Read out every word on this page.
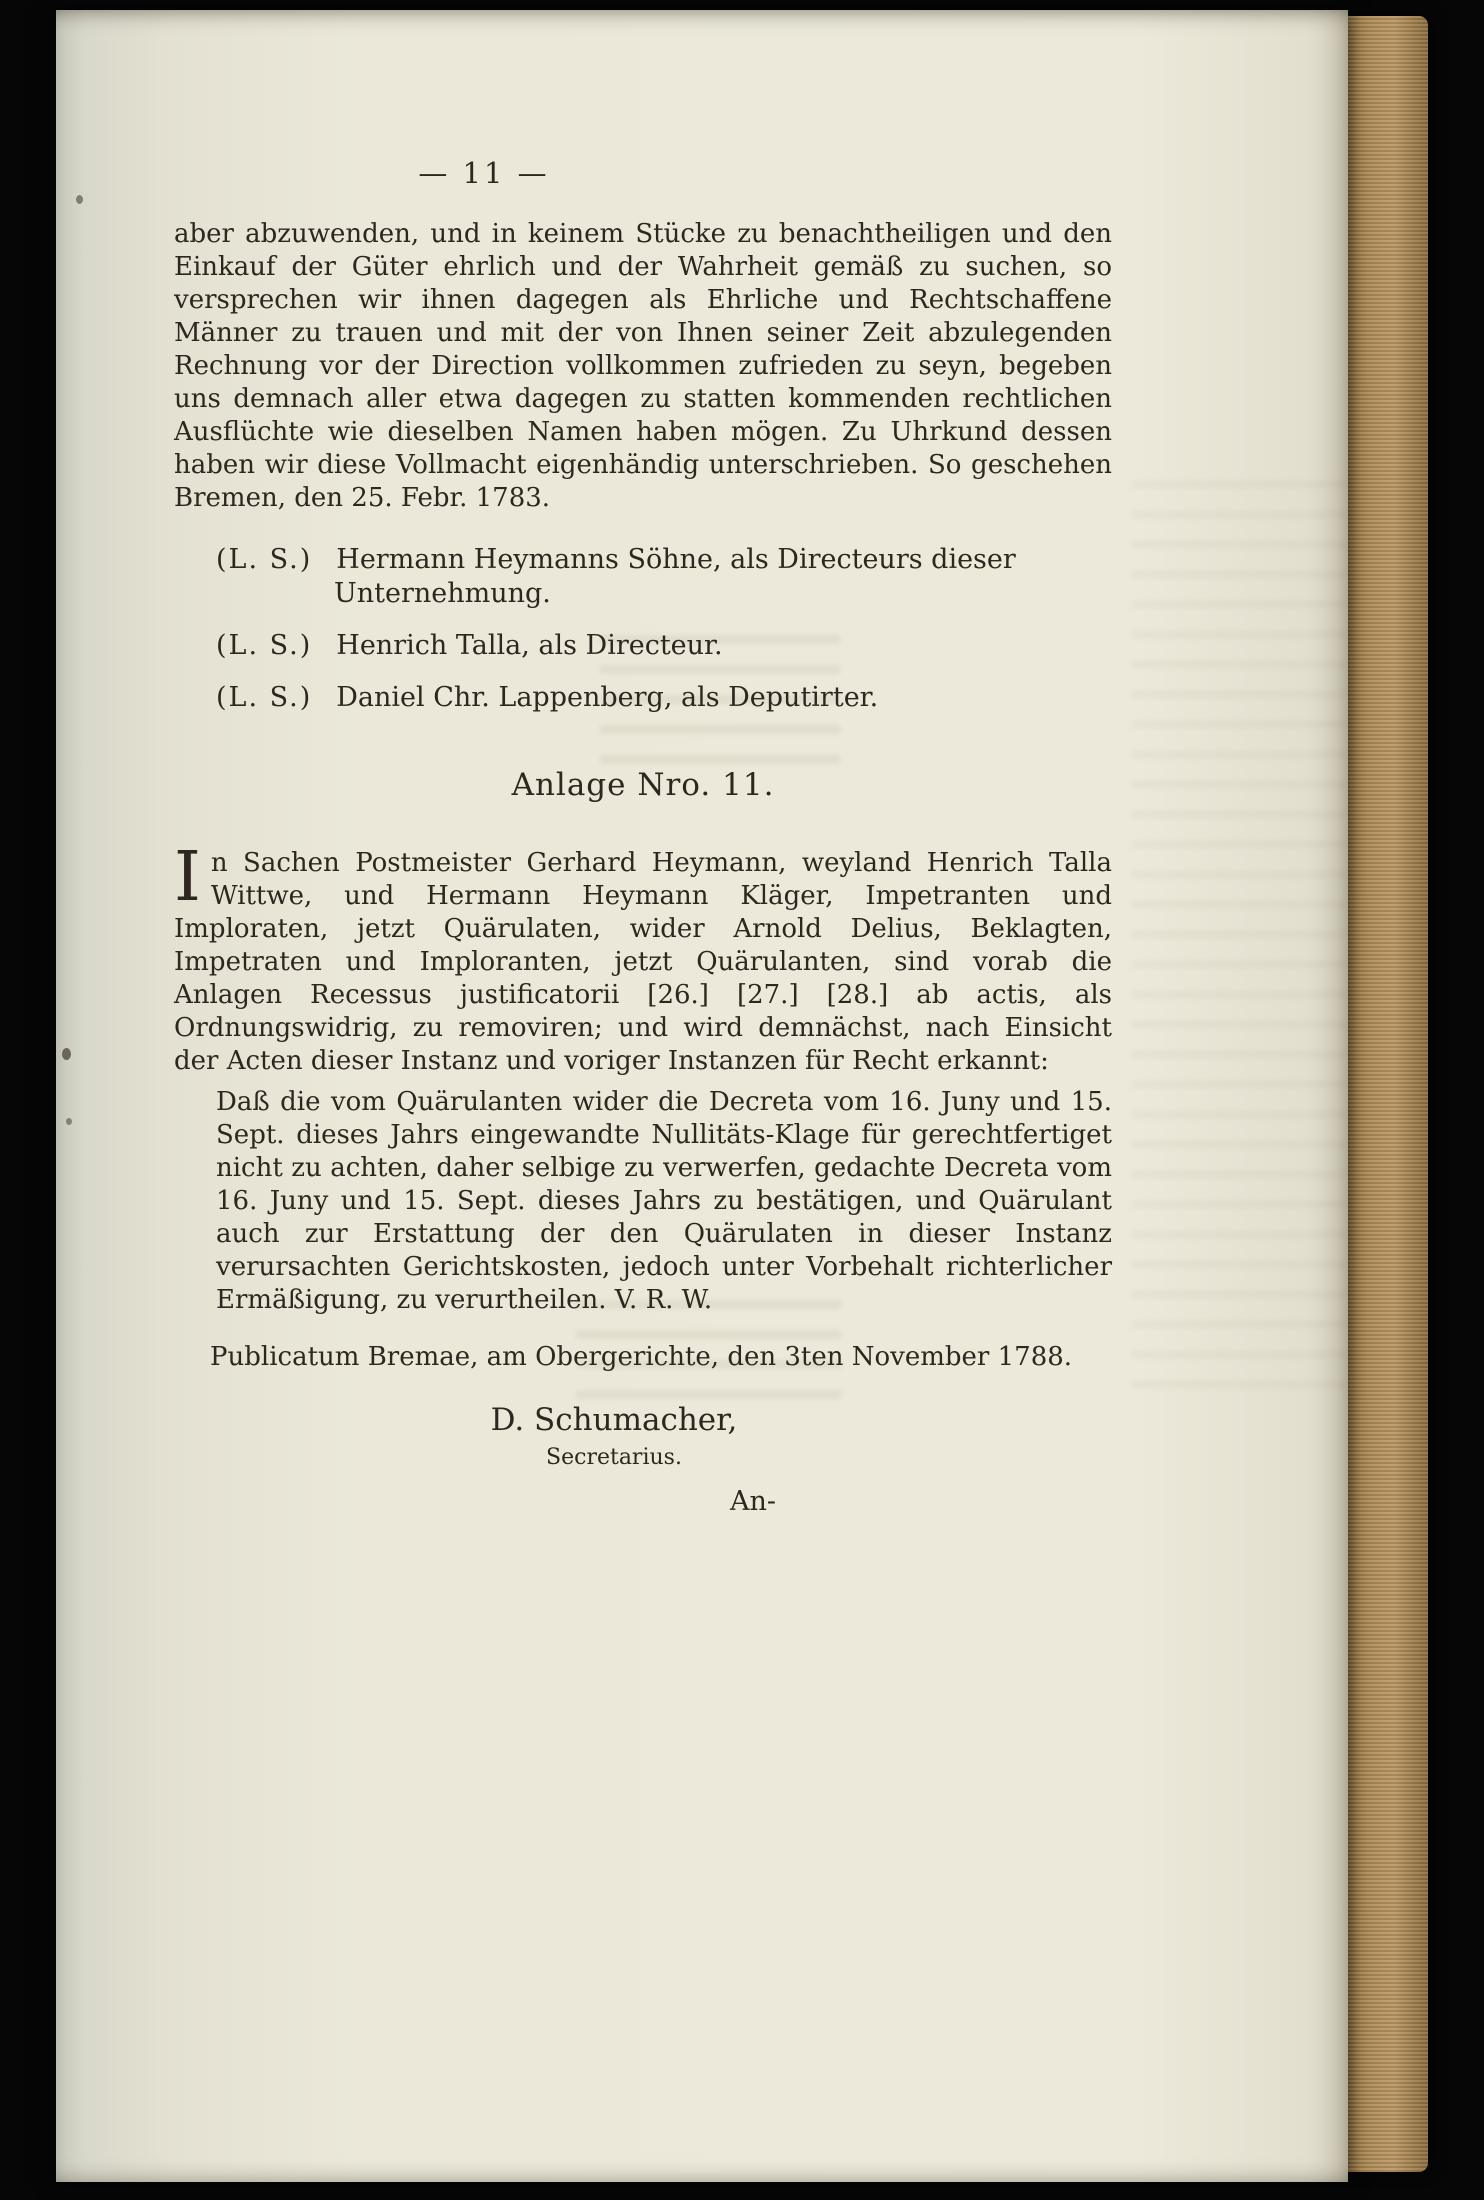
— 11 —

aber abzuwenden, und in keinem Stücke zu benachtheiligen und den Einkauf der Güter ehrlich und der Wahrheit gemäß zu suchen, so versprechen wir ihnen dagegen als Ehrliche und Rechtschaffene Männer zu trauen und mit der von Ihnen seiner Zeit abzulegenden Rechnung vor der Direction vollkommen zufrieden zu seyn, begeben uns demnach aller etwa dagegen zu statten kommenden rechtlichen Ausflüchte wie dieselben Namen haben mögen. Zu Uhrkund dessen haben wir diese Vollmacht eigenhändig unterschrieben. So geschehen Bremen, den 25. Febr. 1783.

(L. S.) Hermann Heymanns Söhne, als Directeurs dieser Unternehmung.
(L. S.) Henrich Talla, als Directeur.
(L. S.) Daniel Chr. Lappenberg, als Deputirter.
Anlage Nro. 11.

In Sachen Postmeister Gerhard Heymann, weyland Henrich Talla Wittwe, und Hermann Heymann Kläger, Impetranten und Imploraten, jetzt Quärulaten, wider Arnold Delius, Beklagten, Impetraten und Imploranten, jetzt Quärulanten, sind vorab die Anlagen Recessus justificatorii [26.] [27.] [28.] ab actis, als Ordnungswidrig, zu removiren; und wird demnächst, nach Einsicht der Acten dieser Instanz und voriger Instanzen für Recht erkannt:

Daß die vom Quärulanten wider die Decreta vom 16. Juny und 15. Sept. dieses Jahrs eingewandte Nullitäts-Klage für gerechtfertiget nicht zu achten, daher selbige zu verwerfen, gedachte Decreta vom 16. Juny und 15. Sept. dieses Jahrs zu bestätigen, und Quärulant auch zur Erstattung der den Quärulaten in dieser Instanz verursachten Gerichtskosten, jedoch unter Vorbehalt richterlicher Ermäßigung, zu verurtheilen. V. R. W.

Publicatum Bremae, am Obergerichte, den 3ten November 1788.

D. Schumacher,
Secretarius.
An-
